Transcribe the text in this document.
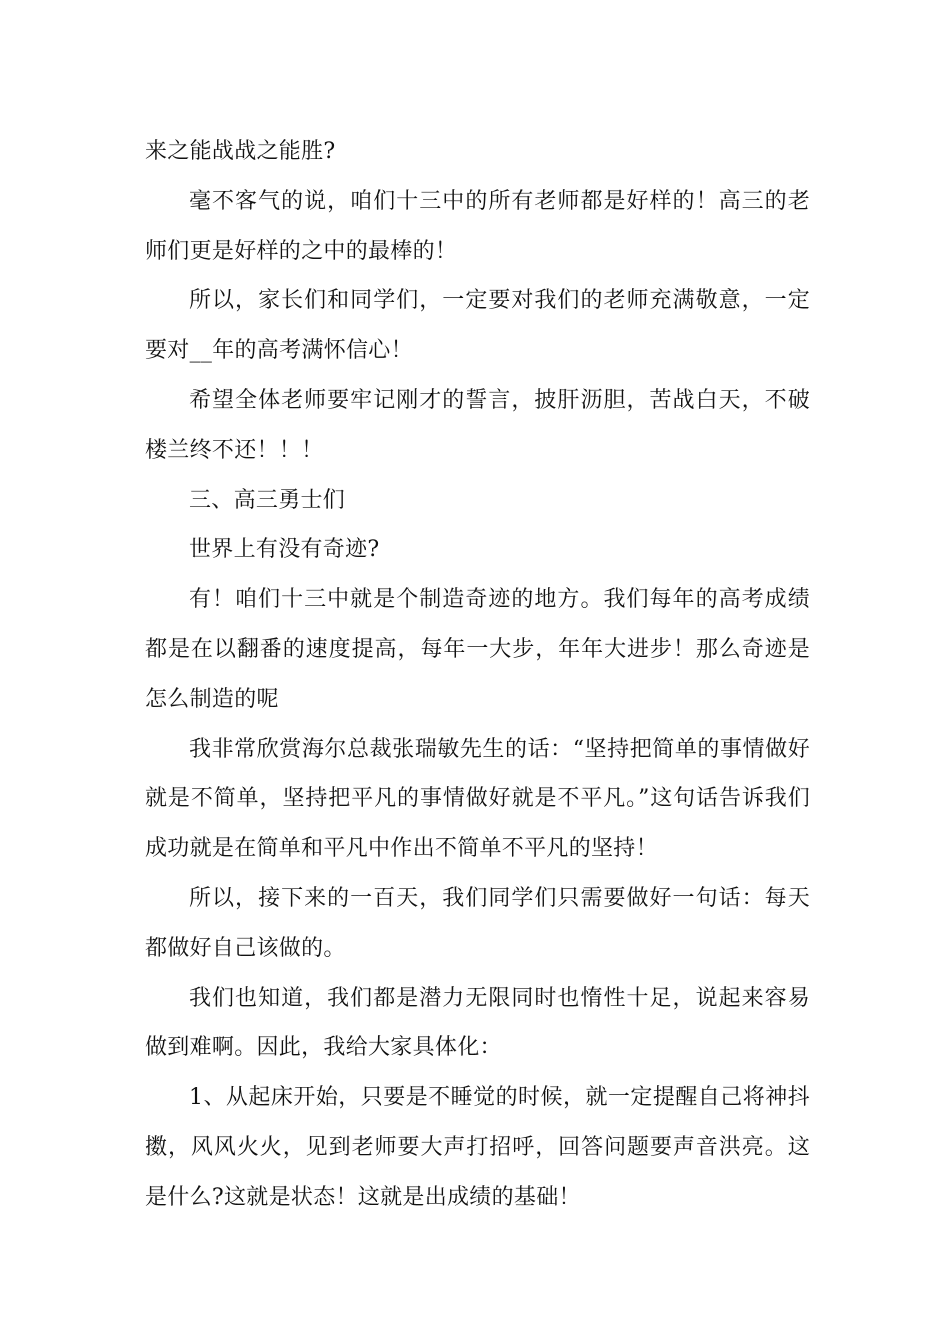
来之能战战之能胜?

毫不客气的说，咱们十三中的所有老师都是好样的！高三的老师们更是好样的之中的最棒的！

所以，家长们和同学们，一定要对我们的老师充满敬意，一定要对__年的高考满怀信心！

希望全体老师要牢记刚才的誓言，披肝沥胆，苦战白天，不破楼兰终不还！！！

三、高三勇士们

世界上有没有奇迹?

有！咱们十三中就是个制造奇迹的地方。我们每年的高考成绩都是在以翻番的速度提高，每年一大步，年年大进步！那么奇迹是怎么制造的呢

我非常欣赏海尔总裁张瑞敏先生的话：“坚持把简单的事情做好就是不简单，坚持把平凡的事情做好就是不平凡。”这句话告诉我们成功就是在简单和平凡中作出不简单不平凡的坚持！

所以，接下来的一百天，我们同学们只需要做好一句话：每天都做好自己该做的。

我们也知道，我们都是潜力无限同时也惰性十足，说起来容易做到难啊。因此，我给大家具体化：

1、从起床开始，只要是不睡觉的时候，就一定提醒自己将神抖擞，风风火火，见到老师要大声打招呼，回答问题要声音洪亮。这是什么?这就是状态！这就是出成绩的基础！
